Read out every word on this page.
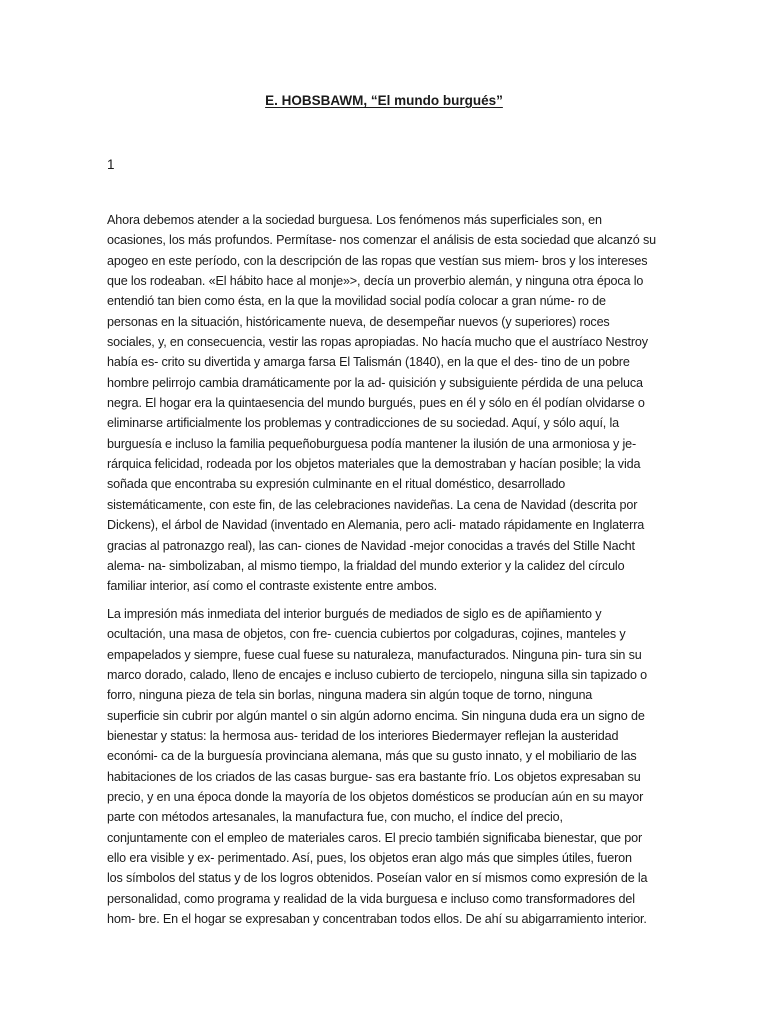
E. HOBSBAWM, “El mundo burgués”
1
Ahora debemos atender a la sociedad burguesa. Los fenómenos más superficiales son, en
ocasiones, los más profundos. Permítase- nos comenzar el análisis de esta sociedad que alcanzó su
apogeo en este período, con la descripción de las ropas que vestían sus miem- bros y los intereses
que los rodeaban. «El hábito hace al monje»>, decía un proverbio alemán, y ninguna otra época lo
entendió tan bien como ésta, en la que la movilidad social podía colocar a gran núme- ro de
personas en la situación, históricamente nueva, de desempeñar nuevos (y superiores) roces
sociales, y, en consecuencia, vestir las ropas apropiadas. No hacía mucho que el austríaco Nestroy
había es- crito su divertida y amarga farsa El Talismán (1840), en la que el des- tino de un pobre
hombre pelirrojo cambia dramáticamente por la ad- quisición y subsiguiente pérdida de una peluca
negra. El hogar era la quintaesencia del mundo burgués, pues en él y sólo en él podían olvidarse o
eliminarse artificialmente los problemas y contradicciones de su sociedad. Aquí, y sólo aquí, la
burguesía e incluso la familia pequeñoburguesa podía mantener la ilusión de una armoniosa y je-
rárquica felicidad, rodeada por los objetos materiales que la demostraban y hacían posible; la vida
soñada que encontraba su expresión culminante en el ritual doméstico, desarrollado
sistemáticamente, con este fin, de las celebraciones navideñas. La cena de Navidad (descrita por
Dickens), el árbol de Navidad (inventado en Alemania, pero acli- matado rápidamente en Inglaterra
gracias al patronazgo real), las can- ciones de Navidad -mejor conocidas a través del Stille Nacht
alema- na- simbolizaban, al mismo tiempo, la frialdad del mundo exterior y la calidez del círculo
familiar interior, así como el contraste existente entre ambos.
La impresión más inmediata del interior burgués de mediados de siglo es de apiñamiento y
ocultación, una masa de objetos, con fre- cuencia cubiertos por colgaduras, cojines, manteles y
empapelados y siempre, fuese cual fuese su naturaleza, manufacturados. Ninguna pin- tura sin su
marco dorado, calado, lleno de encajes e incluso cubierto de terciopelo, ninguna silla sin tapizado o
forro, ninguna pieza de tela sin borlas, ninguna madera sin algún toque de torno, ninguna
superficie sin cubrir por algún mantel o sin algún adorno encima. Sin ninguna duda era un signo de
bienestar y status: la hermosa aus- teridad de los interiores Biedermayer reflejan la austeridad
económi- ca de la burguesía provinciana alemana, más que su gusto innato, y el mobiliario de las
habitaciones de los criados de las casas burgue- sas era bastante frío. Los objetos expresaban su
precio, y en una época donde la mayoría de los objetos domésticos se producían aún en su mayor
parte con métodos artesanales, la manufactura fue, con mucho, el índice del precio,
conjuntamente con el empleo de materiales caros. El precio también significaba bienestar, que por
ello era visible y ex- perimentado. Así, pues, los objetos eran algo más que simples útiles, fueron
los símbolos del status y de los logros obtenidos. Poseían valor en sí mismos como expresión de la
personalidad, como programa y realidad de la vida burguesa e incluso como transformadores del
hom- bre. En el hogar se expresaban y concentraban todos ellos. De ahí su abigarramiento interior.
